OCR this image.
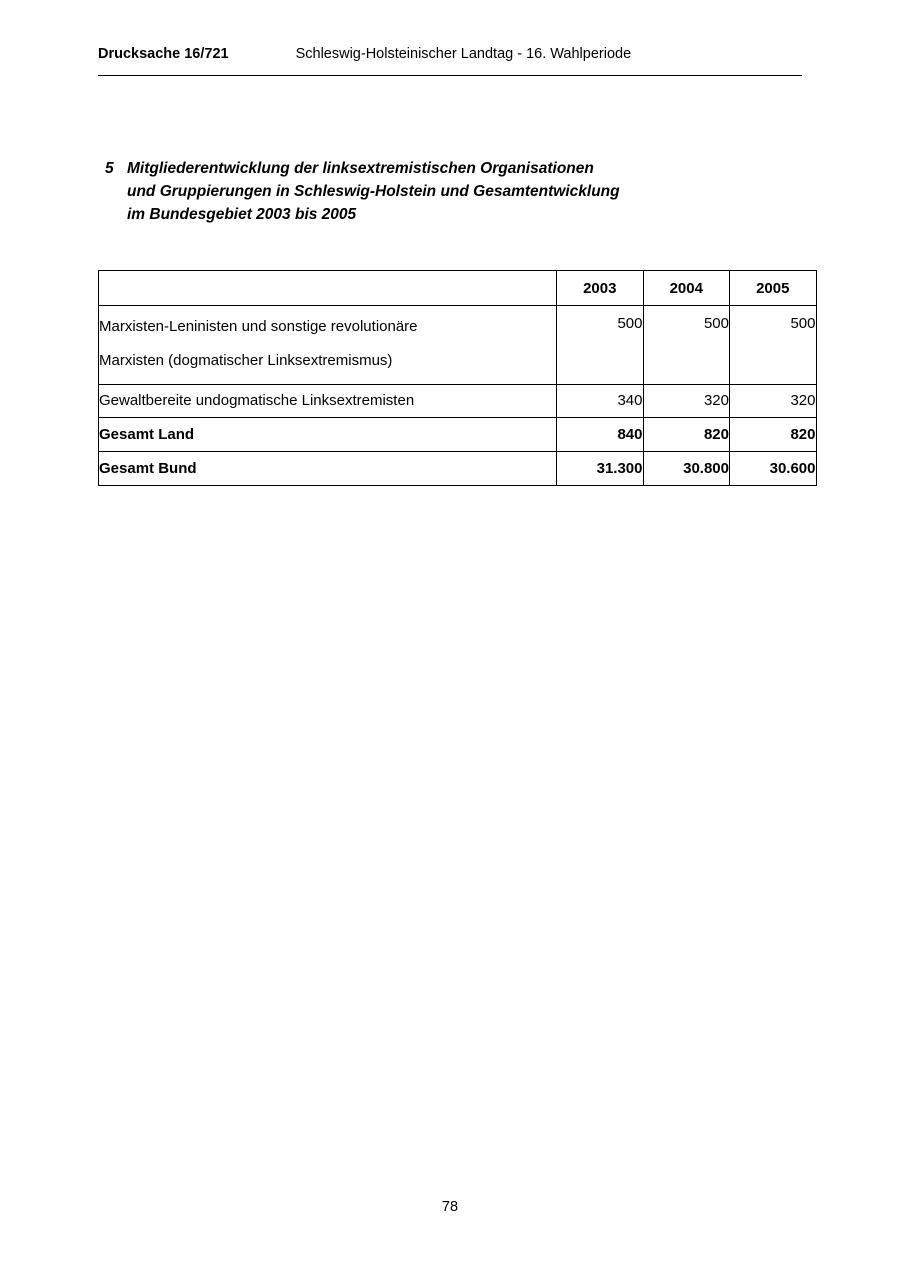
Drucksache 16/721	Schleswig-Holsteinischer Landtag - 16. Wahlperiode
5 Mitgliederentwicklung der linksextremistischen Organisationen
und Gruppierungen in Schleswig-Holstein und Gesamtentwicklung
im Bundesgebiet 2003 bis 2005
	2003	2004	2005

Marxisten-Leninisten und sonstige revolutionäre
Marxisten (dogmatischer Linksextremismus)	500	500	500
Gewaltbereite undogmatische Linksextremisten	340	320	320
Gesamt Land	840	820	820
Gesamt Bund	31.300	30.800	30.600
78
